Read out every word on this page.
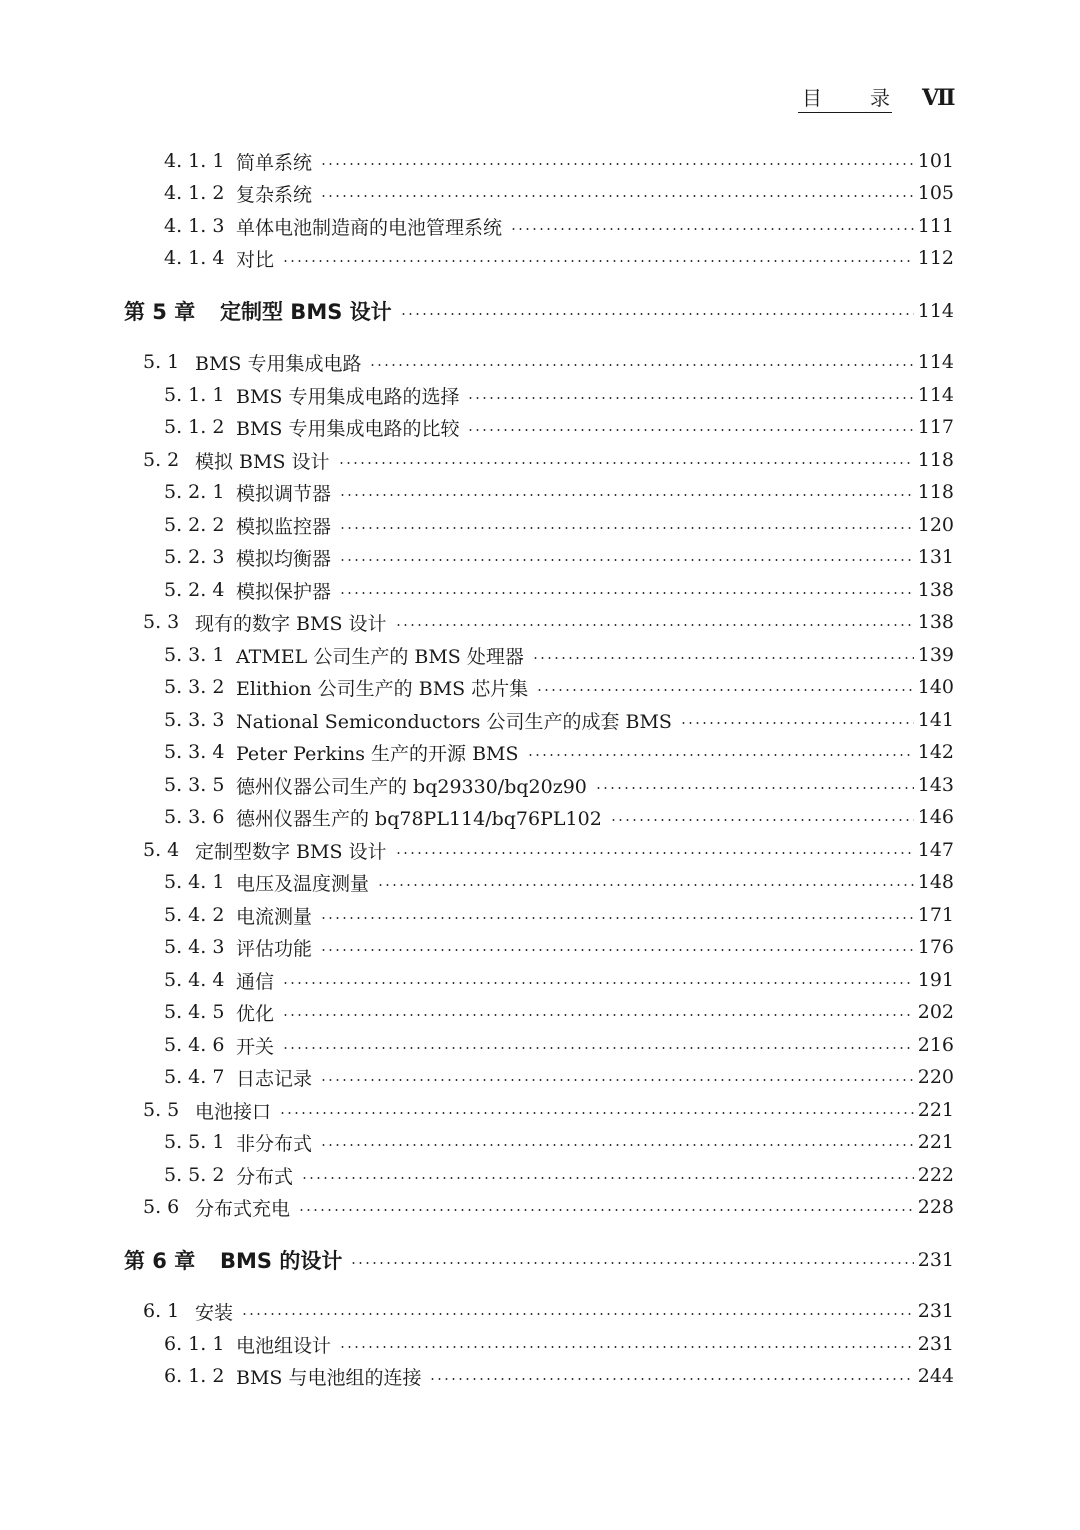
目 录 Ⅶ
4. 1. 1 简单系统	101
4. 1. 2 复杂系统	105
4. 1. 3 单体电池制造商的电池管理系统	111
4. 1. 4 对比	112
第 5 章 定制型 BMS 设计	114
5. 1 BMS 专用集成电路	114
5. 1. 1 BMS 专用集成电路的选择	114
5. 1. 2 BMS 专用集成电路的比较	117
5. 2 模拟 BMS 设计	118
5. 2. 1 模拟调节器	118
5. 2. 2 模拟监控器	120
5. 2. 3 模拟均衡器	131
5. 2. 4 模拟保护器	138
5. 3 现有的数字 BMS 设计	138
5. 3. 1 ATMEL 公司生产的 BMS 处理器	139
5. 3. 2 Elithion 公司生产的 BMS 芯片集	140
5. 3. 3 National Semiconductors 公司生产的成套 BMS	141
5. 3. 4 Peter Perkins 生产的开源 BMS	142
5. 3. 5 德州仪器公司生产的 bq29330/bq20z90	143
5. 3. 6 德州仪器生产的 bq78PL114/bq76PL102	146
5. 4 定制型数字 BMS 设计	147
5. 4. 1 电压及温度测量	148
5. 4. 2 电流测量	171
5. 4. 3 评估功能	176
5. 4. 4 通信	191
5. 4. 5 优化	202
5. 4. 6 开关	216
5. 4. 7 日志记录	220
5. 5 电池接口	221
5. 5. 1 非分布式	221
5. 5. 2 分布式	222
5. 6 分布式充电	228
第 6 章 BMS 的设计	231
6. 1 安装	231
6. 1. 1 电池组设计	231
6. 1. 2 BMS 与电池组的连接	244
